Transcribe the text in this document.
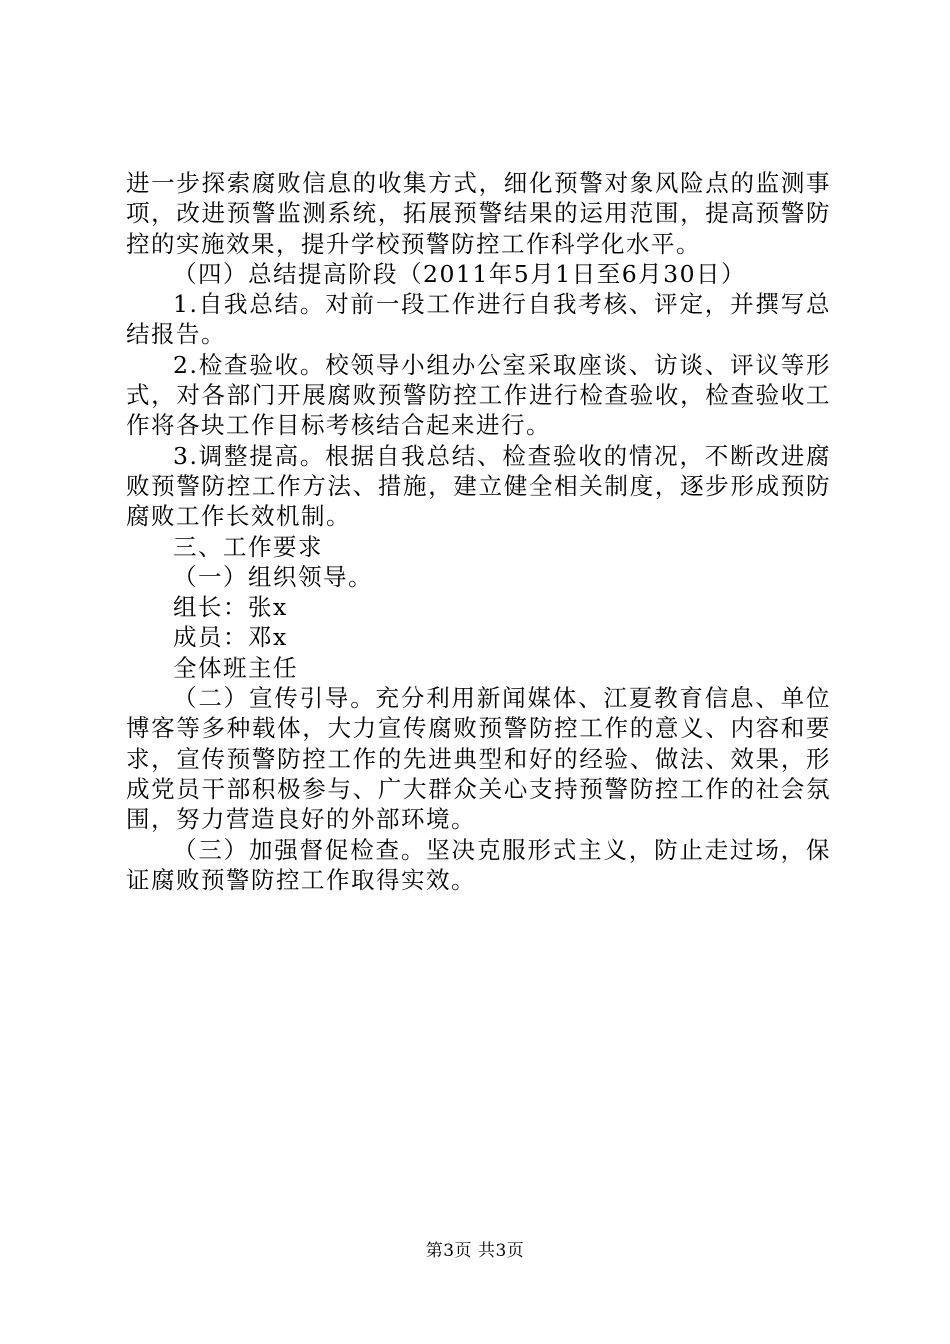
进一步探索腐败信息的收集方式，细化预警对象风险点的监测事项，改进预警监测系统，拓展预警结果的运用范围，提高预警防控的实施效果，提升学校预警防控工作科学化水平。

（四）总结提高阶段（2011年5月1日至6月30日）

1.自我总结。对前一段工作进行自我考核、评定，并撰写总结报告。

2.检查验收。校领导小组办公室采取座谈、访谈、评议等形式，对各部门开展腐败预警防控工作进行检查验收，检查验收工作将各块工作目标考核结合起来进行。

3.调整提高。根据自我总结、检查验收的情况，不断改进腐败预警防控工作方法、措施，建立健全相关制度，逐步形成预防腐败工作长效机制。

三、工作要求

（一）组织领导。

组长：张x

成员：邓x

全体班主任

（二）宣传引导。充分利用新闻媒体、江夏教育信息、单位博客等多种载体，大力宣传腐败预警防控工作的意义、内容和要求，宣传预警防控工作的先进典型和好的经验、做法、效果，形成党员干部积极参与、广大群众关心支持预警防控工作的社会氛围，努力营造良好的外部环境。

（三）加强督促检查。坚决克服形式主义，防止走过场，保证腐败预警防控工作取得实效。

第3页 共3页
